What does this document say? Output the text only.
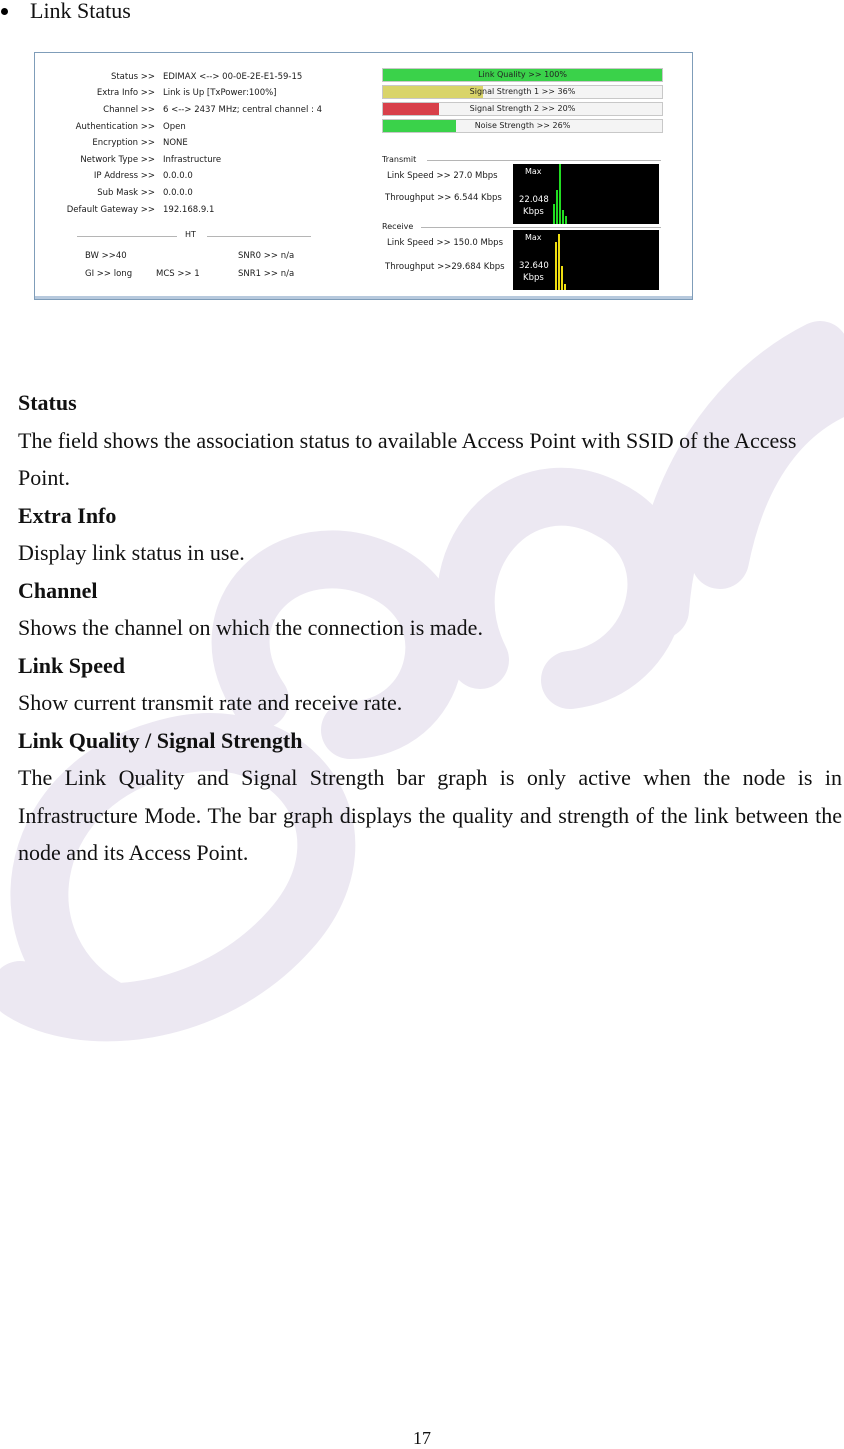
Link Status
Status >> EDIMAX <--> 00-0E-2E-E1-59-15
Extra Info >> Link is Up [TxPower:100%]
Channel >> 6 <--> 2437 MHz; central channel : 4
Authentication >> Open
Encryption >> NONE
Network Type >> Infrastructure
IP Address >> 0.0.0.0
Sub Mask >> 0.0.0.0
Default Gateway >> 192.168.9.1
HT
BW >>40
GI >> long	MCS >> 1
SNR0 >> n/a
SNR1 >> n/a
Link Quality >> 100%
Signal Strength 1 >> 36%
Signal Strength 2 >> 20%
Noise Strength >> 26%
Transmit
Link Speed >> 27.0 Mbps
Throughput >> 6.544 Kbps
Max
22.048
Kbps
Receive
Link Speed >> 150.0 Mbps
Throughput >>29.684 Kbps
Max
32.640
Kbps
Status
The field shows the association status to available Access Point with SSID of the Access Point.
Extra Info
Display link status in use.
Channel
Shows the channel on which the connection is made.
Link Speed
Show current transmit rate and receive rate.
Link Quality / Signal Strength
The Link Quality and Signal Strength bar graph is only active when the node is in Infrastructure Mode. The bar graph displays the quality and strength of the link between the node and its Access Point.
17
